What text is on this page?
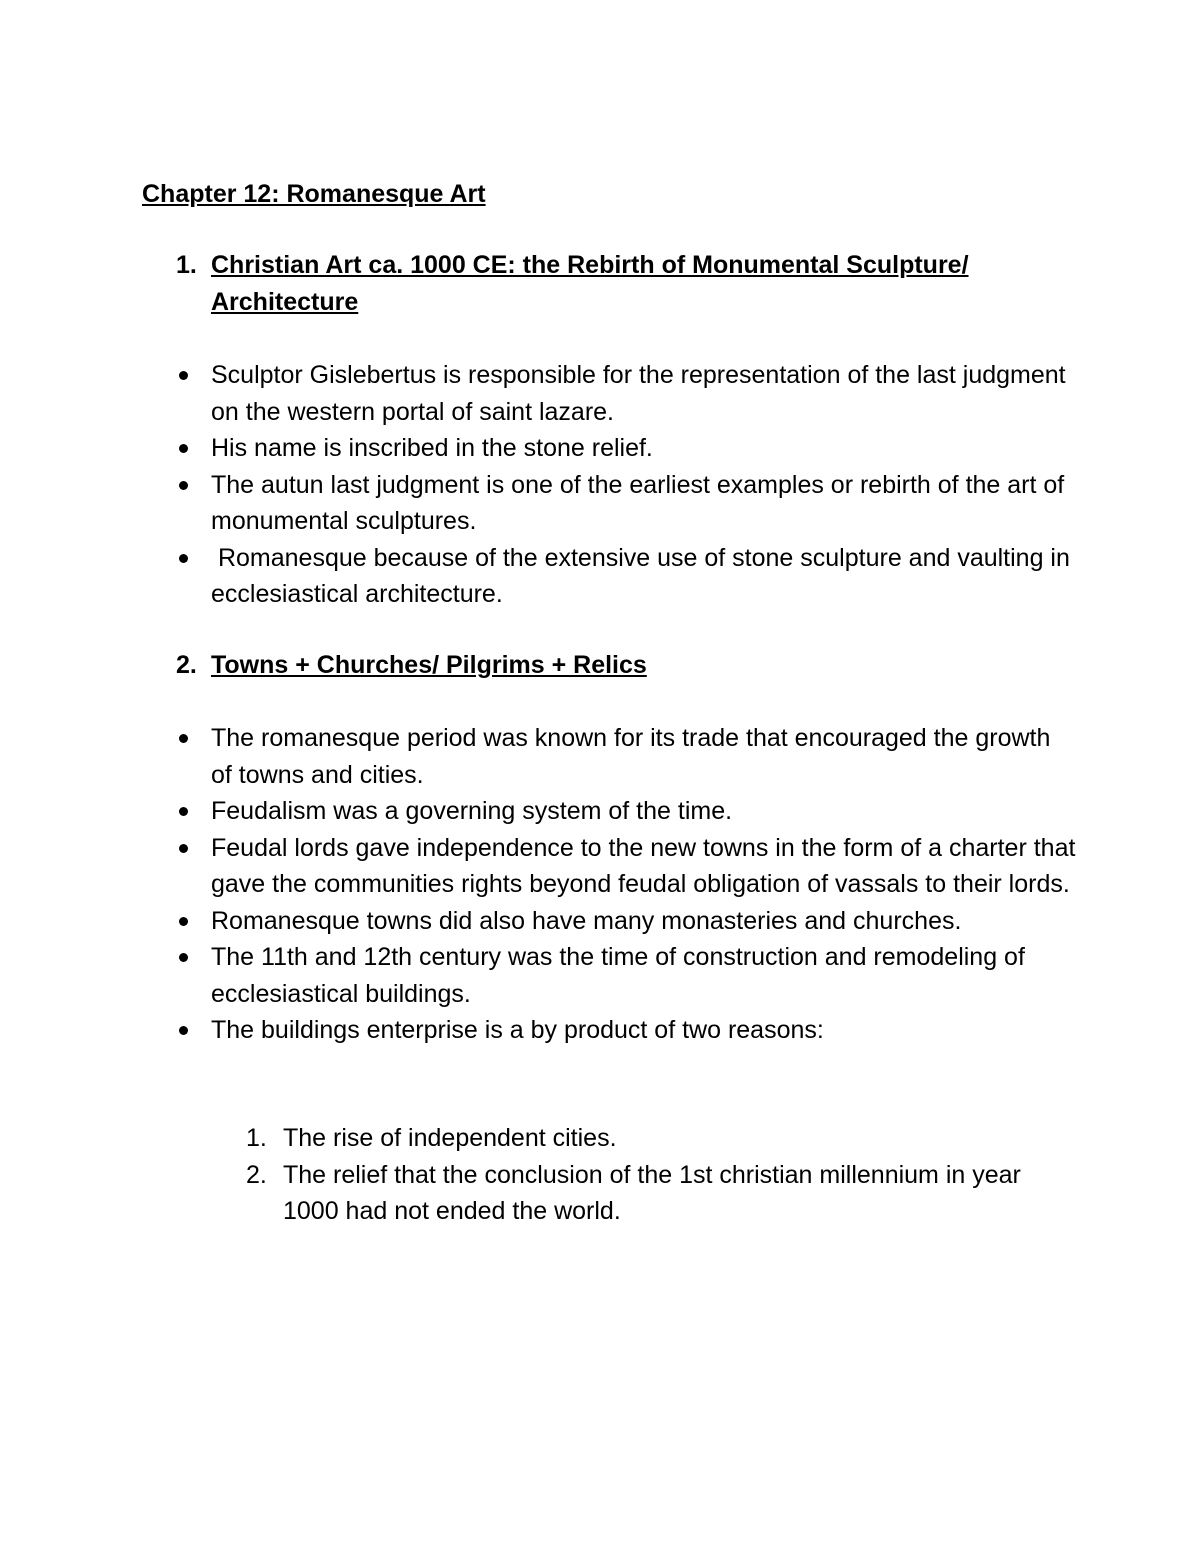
Chapter 12: Romanesque Art
1. Christian Art ca. 1000 CE: the Rebirth of Monumental Sculpture/ Architecture
Sculptor Gislebertus is responsible for the representation of the last judgment on the western portal of saint lazare.
His name is inscribed in the stone relief.
The autun last judgment is one of the earliest examples or rebirth of the art of monumental sculptures.
Romanesque because of the extensive use of stone sculpture and vaulting in ecclesiastical architecture.
2. Towns + Churches/ Pilgrims + Relics
The romanesque period was known for its trade that encouraged the growth of towns and cities.
Feudalism was a governing system of the time.
Feudal lords gave independence to the new towns in the form of a charter that gave the communities rights beyond feudal obligation of vassals to their lords.
Romanesque towns did also have many monasteries and churches.
The 11th and 12th century was the time of construction and remodeling of ecclesiastical buildings.
The buildings enterprise is a by product of two reasons:
1. The rise of independent cities.
2. The relief that the conclusion of the 1st christian millennium in year 1000 had not ended the world.
